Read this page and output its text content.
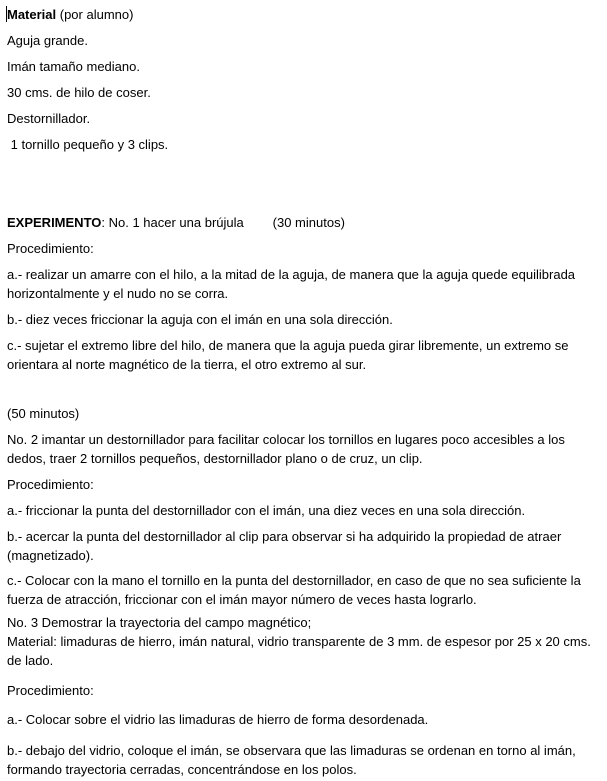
Material (por alumno)
Aguja grande.
Imán tamaño mediano.
30 cms. de hilo de coser.
Destornillador.
1 tornillo pequeño y 3 clips.
EXPERIMENTO: No. 1 hacer una brújula        (30 minutos)
Procedimiento:
a.- realizar un amarre con el hilo, a la mitad de la aguja, de manera que la aguja quede equilibrada horizontalmente y el nudo no se corra.
b.- diez veces friccionar la aguja con el imán en una sola dirección.
c.- sujetar el extremo libre del hilo, de manera que la aguja pueda girar libremente, un extremo se orientara al norte magnético de la tierra, el otro extremo al sur.
(50 minutos)
No. 2 imantar un destornillador para facilitar colocar los tornillos en lugares poco accesibles a los dedos, traer 2 tornillos pequeños, destornillador plano o de cruz, un clip.
Procedimiento:
a.- friccionar la punta del destornillador con el imán, una diez veces en una sola dirección.
b.- acercar la punta del destornillador al clip para observar si ha adquirido la propiedad de atraer (magnetizado).
c.- Colocar con la mano el tornillo en la punta del destornillador, en caso de que no sea suficiente la fuerza de atracción, friccionar con el imán mayor número de veces hasta lograrlo.
No. 3 Demostrar la trayectoria del campo magnético;
Material: limaduras de hierro, imán natural, vidrio transparente de 3 mm. de espesor por 25 x 20 cms. de lado.
Procedimiento:
a.- Colocar sobre el vidrio las limaduras de hierro de forma desordenada.
b.- debajo del vidrio, coloque el imán, se observara que las limaduras se ordenan en torno al imán, formando trayectoria cerradas, concentrándose en los polos.
